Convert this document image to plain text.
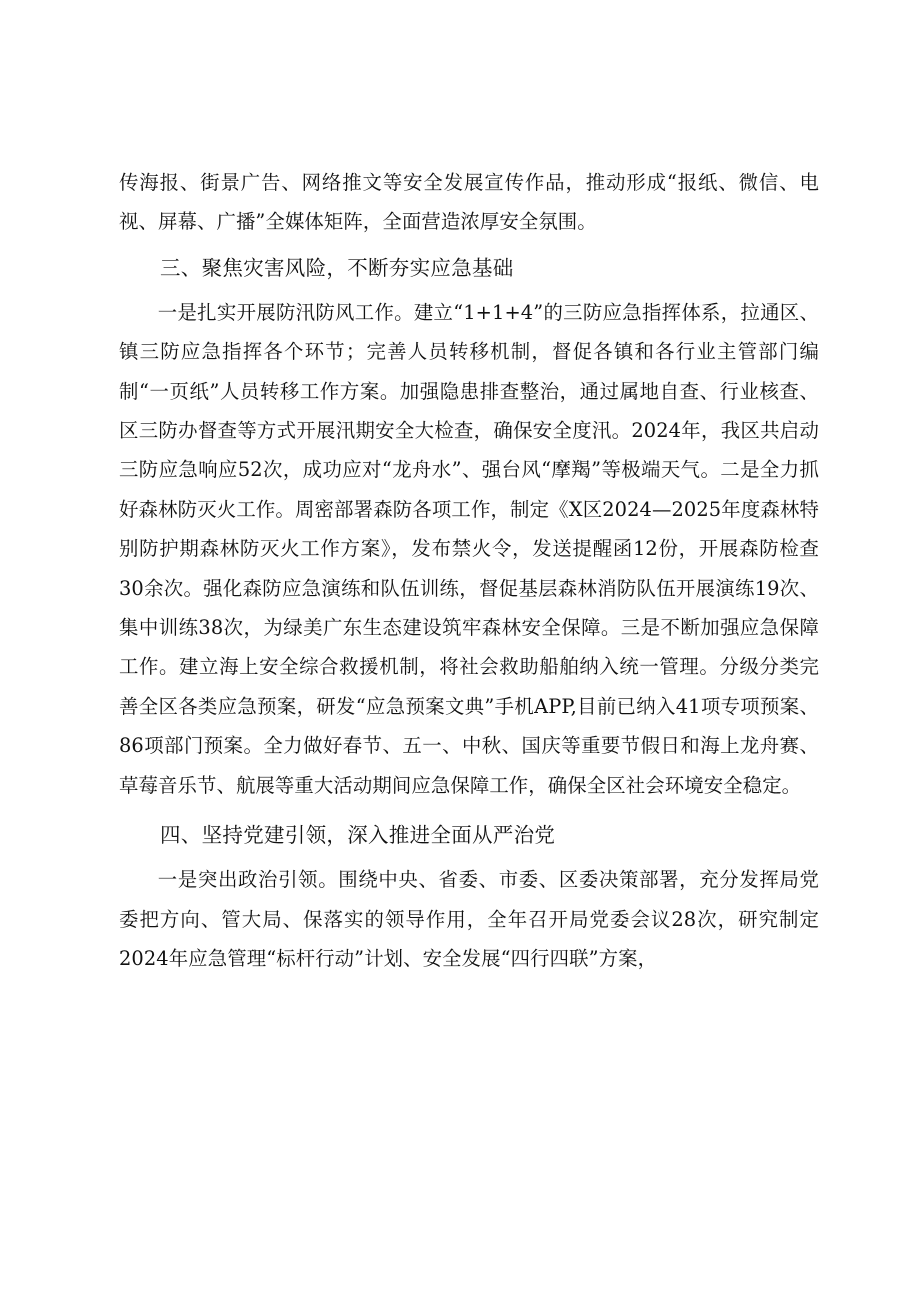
传海报、街景广告、网络推文等安全发展宣传作品，推动形成“报纸、微信、电视、屏幕、广播”全媒体矩阵，全面营造浓厚安全氛围。

三、聚焦灾害风险，不断夯实应急基础

一是扎实开展防汛防风工作。建立“1+1+4”的三防应急指挥体系，拉通区、镇三防应急指挥各个环节；完善人员转移机制，督促各镇和各行业主管部门编制“一页纸”人员转移工作方案。加强隐患排查整治，通过属地自查、行业核查、区三防办督查等方式开展汛期安全大检查，确保安全度汛。2024年，我区共启动三防应急响应52次，成功应对“龙舟水”、强台风“摩羯”等极端天气。二是全力抓好森林防灭火工作。周密部署森防各项工作，制定《X区2024—2025年度森林特别防护期森林防灭火工作方案》，发布禁火令，发送提醒函12份，开展森防检查30余次。强化森防应急演练和队伍训练，督促基层森林消防队伍开展演练19次、集中训练38次，为绿美广东生态建设筑牢森林安全保障。三是不断加强应急保障工作。建立海上安全综合救援机制，将社会救助船舶纳入统一管理。分级分类完善全区各类应急预案，研发“应急预案文典”手机APP,目前已纳入41项专项预案、86项部门预案。全力做好春节、五一、中秋、国庆等重要节假日和海上龙舟赛、草莓音乐节、航展等重大活动期间应急保障工作，确保全区社会环境安全稳定。

四、坚持党建引领，深入推进全面从严治党

一是突出政治引领。围绕中央、省委、市委、区委决策部署，充分发挥局党委把方向、管大局、保落实的领导作用，全年召开局党委会议28次，研究制定2024年应急管理“标杆行动”计划、安全发展“四行四联”方案，
